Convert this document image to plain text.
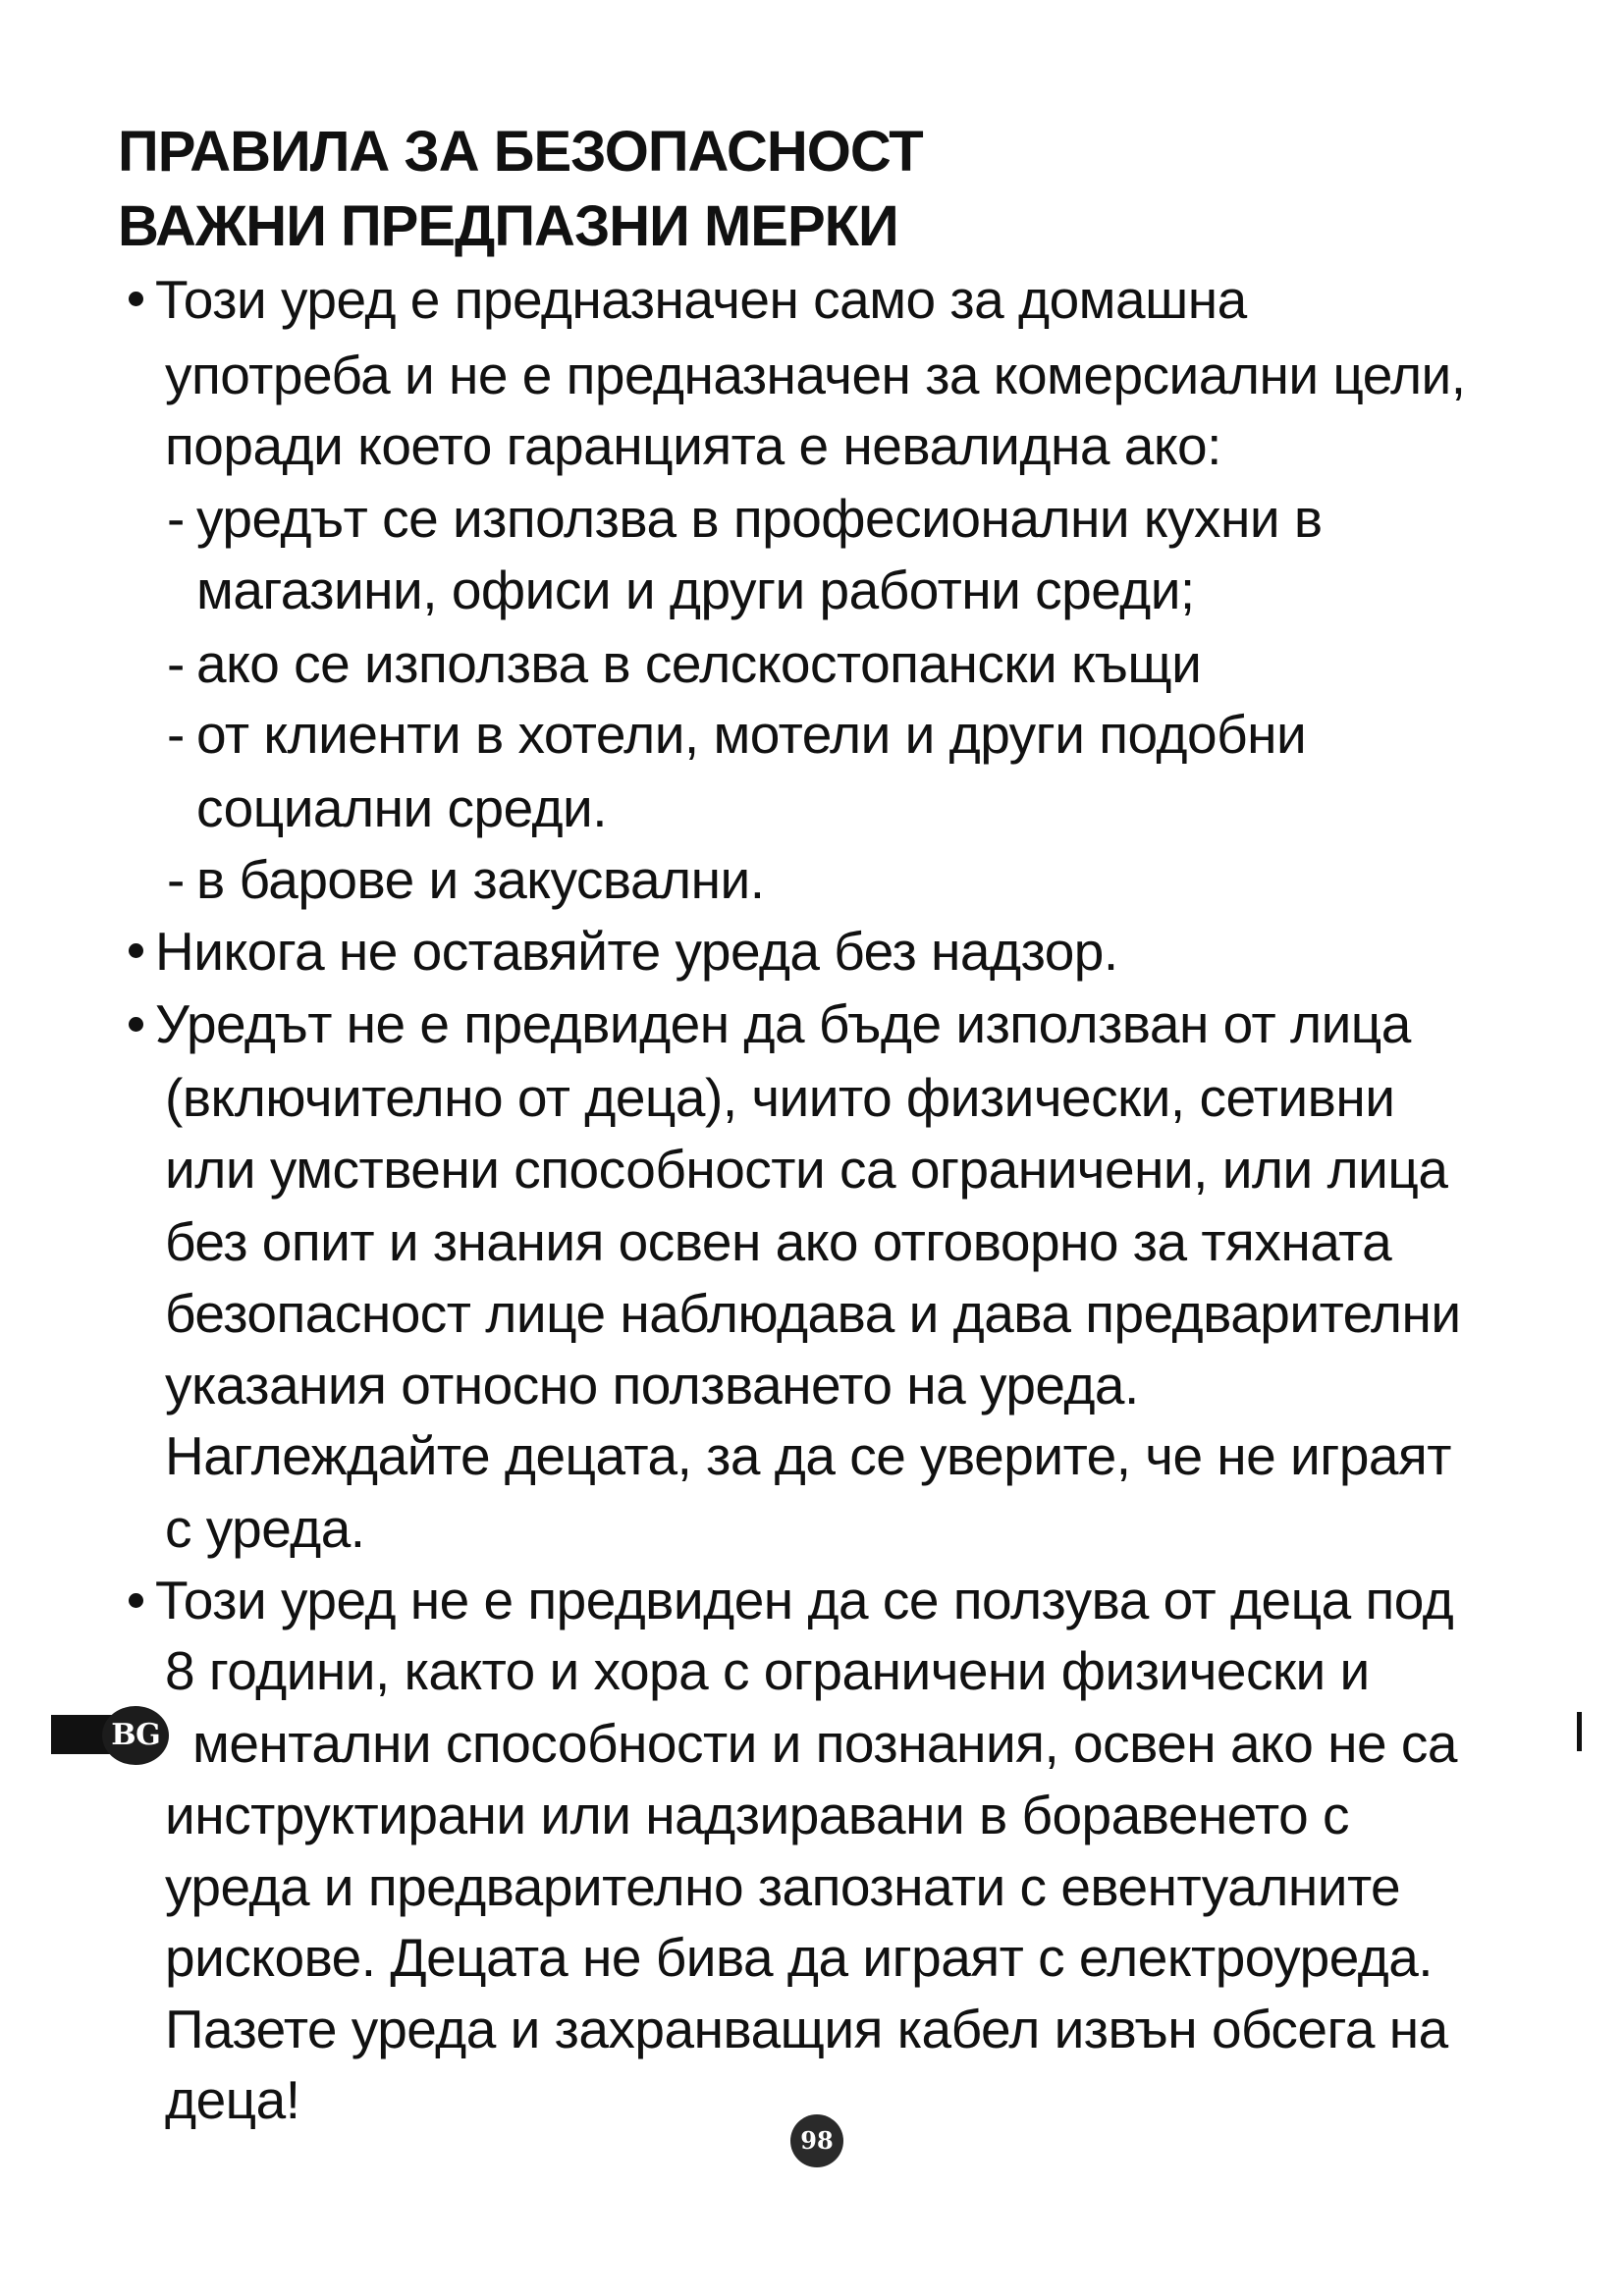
ПРАВИЛА ЗА БЕЗОПАСНОСТ
ВАЖНИ ПРЕДПАЗНИ МЕРКИ
Този уред е предназначен само за домашна
употреба и не е предназначен за комерсиални цели,
поради което гаранцията е невалидна ако:
- уредът се използва в професионални кухни в
магазини, офиси и други работни среди;
- ако се използва в селскостопански къщи
- от клиенти в хотели, мотели и други подобни
социални среди.
- в барове и закусвални.
Никога не оставяйте уреда без надзор.
Уредът не е предвиден да бъде използван от лица
(включително от деца), чиито физически, сетивни
или умствени способности са ограничени, или лица
без опит и знания освен ако отговорно за тяхната
безопасност лице наблюдава и дава предварителни
указания относно ползването на уреда.
Наглеждайте децата, за да се уверите, че не играят
с уреда.
Този уред не е предвиден да се ползува от деца под
8 години, както и хора с ограничени физически и
ментални способности и познания, освен ако не са
инструктирани или надзиравани в боравенето с
уреда и предварително запознати с евентуалните
рискове. Децата не бива да играят с електроуреда.
Пазете уреда и захранващия кабел извън обсега на
деца!
BG
98
